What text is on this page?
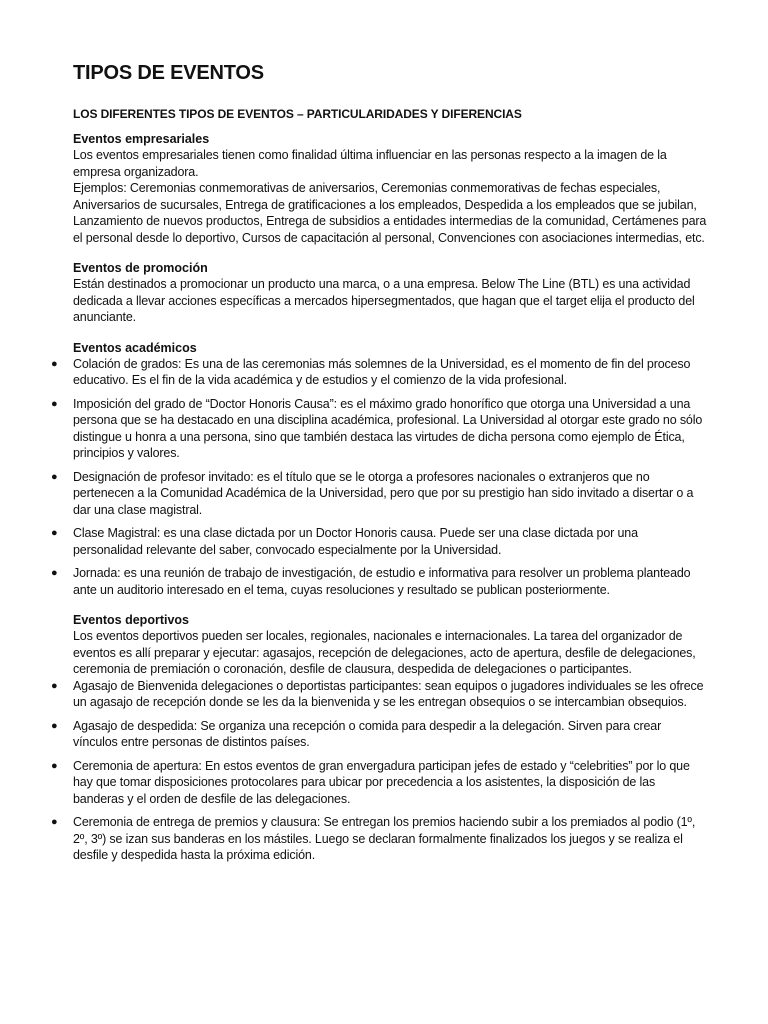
TIPOS DE EVENTOS
LOS DIFERENTES TIPOS DE EVENTOS – PARTICULARIDADES Y DIFERENCIAS
Eventos empresariales

Los eventos empresariales tienen como finalidad última influenciar en las personas respecto a la imagen de la empresa organizadora.

Ejemplos: Ceremonias conmemorativas de aniversarios, Ceremonias conmemorativas de fechas especiales, Aniversarios de sucursales, Entrega de gratificaciones a los empleados, Despedida a los empleados que se jubilan, Lanzamiento de nuevos productos, Entrega de subsidios a entidades intermedias de la comunidad, Certámenes para el personal desde lo deportivo, Cursos de capacitación al personal, Convenciones con asociaciones intermedias, etc.

Eventos de promoción

Están destinados a promocionar un producto una marca, o a una empresa. Below The Line (BTL) es una actividad dedicada a llevar acciones específicas a mercados hipersegmentados, que hagan que el target elija el producto del anunciante.

Eventos académicos
● Colación de grados: Es una de las ceremonias más solemnes de la Universidad, es el momento de fin del proceso educativo. Es el fin de la vida académica y de estudios y el comienzo de la vida profesional.
● Imposición del grado de “Doctor Honoris Causa”: es el máximo grado honorífico que otorga una Universidad a una persona que se ha destacado en una disciplina académica, profesional. La Universidad al otorgar este grado no sólo distingue u honra a una persona, sino que también destaca las virtudes de dicha persona como ejemplo de Ética, principios y valores.
● Designación de profesor invitado: es el título que se le otorga a profesores nacionales o extranjeros que no pertenecen a la Comunidad Académica de la Universidad, pero que por su prestigio han sido invitado a disertar o a dar una clase magistral.
● Clase Magistral: es una clase dictada por un Doctor Honoris causa. Puede ser una clase dictada por una personalidad relevante del saber, convocado especialmente por la Universidad.
● Jornada: es una reunión de trabajo de investigación, de estudio e informativa para resolver un problema planteado ante un auditorio interesado en el tema, cuyas resoluciones y resultado se publican posteriormente.
Eventos deportivos

Los eventos deportivos pueden ser locales, regionales, nacionales e internacionales. La tarea del organizador de eventos es allí preparar y ejecutar: agasajos, recepción de delegaciones, acto de apertura, desfile de delegaciones, ceremonia de premiación o coronación, desfile de clausura, despedida de delegaciones o participantes.

● Agasajo de Bienvenida delegaciones o deportistas participantes: sean equipos o jugadores individuales se les ofrece un agasajo de recepción donde se les da la bienvenida y se les entregan obsequios o se intercambian obsequios.
● Agasajo de despedida: Se organiza una recepción o comida para despedir a la delegación. Sirven para crear vínculos entre personas de distintos países.
● Ceremonia de apertura: En estos eventos de gran envergadura participan jefes de estado y “celebrities” por lo que hay que tomar disposiciones protocolares para ubicar por precedencia a los asistentes, la disposición de las banderas y el orden de desfile de las delegaciones.
● Ceremonia de entrega de premios y clausura: Se entregan los premios haciendo subir a los premiados al podio (1º, 2º, 3º) se izan sus banderas en los mástiles. Luego se declaran formalmente finalizados los juegos y se realiza el desfile y despedida hasta la próxima edición.
